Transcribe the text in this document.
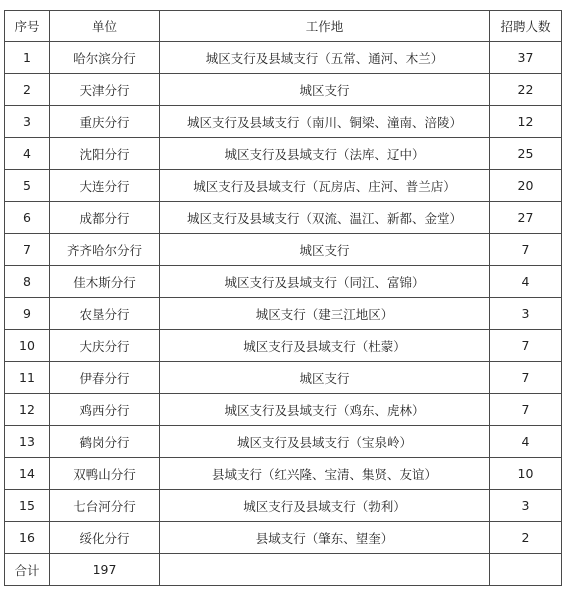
序号	单位	工作地	招聘人数
1	哈尔滨分行	城区支行及县域支行（五常、通河、木兰）	37
2	天津分行	城区支行	22
3	重庆分行	城区支行及县域支行（南川、铜梁、潼南、涪陵）	12
4	沈阳分行	城区支行及县域支行（法库、辽中）	25
5	大连分行	城区支行及县域支行（瓦房店、庄河、普兰店）	20
6	成都分行	城区支行及县域支行（双流、温江、新都、金堂）	27
7	齐齐哈尔分行	城区支行	7
8	佳木斯分行	城区支行及县域支行（同江、富锦）	4
9	农垦分行	城区支行（建三江地区）	3
10	大庆分行	城区支行及县域支行（杜蒙）	7
11	伊春分行	城区支行	7
12	鸡西分行	城区支行及县域支行（鸡东、虎林）	7
13	鹤岗分行	城区支行及县域支行（宝泉岭）	4
14	双鸭山分行	县域支行（红兴隆、宝清、集贤、友谊）	10
15	七台河分行	城区支行及县域支行（勃利）	3
16	绥化分行	县域支行（肇东、望奎）	2
合计	197		
